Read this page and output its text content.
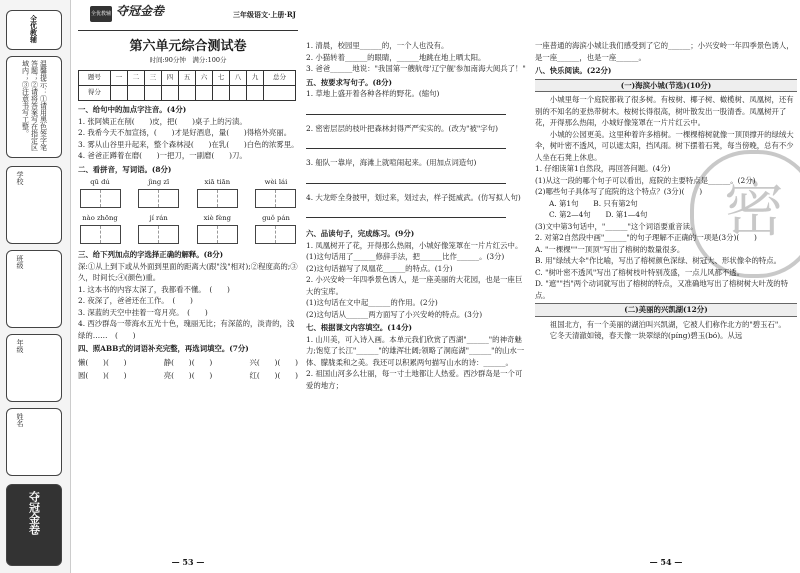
全优教辅
温馨提示：①请用黑色签字笔答题；②请将答案写在指定区域内；③注意书写工整。
学校
班级
年级
姓名
夺冠金卷
密
全优教辅 夺冠金卷	三年级语文·上册·RJ
第六单元综合测试卷
时间:90分钟　满分:100分
题号	一	二	三	四	五	六	七	八	九	总分
得分										
一、给句中的加点字注音。(4分)
1. 张阿姨正在削(　　)皮，把(　　)桌子上的污渍。
2. 我希今天不加宣扬，(　　)才是好酒息，量(　　)得格外亮丽。
3. 雾从山谷里升起来，整个森林浸(　　)在乳(　　)白色的浓雾里。
4. 爸爸正蹲着在磨(　　)一把刀，一副磨(　　)刀。
二、看拼音，写词语。(8分)
qū dú	jìng zī	xiā tiān	wèi lái
nào zhōng	jí rán	xiè fèng	guǒ pán
三、给下列加点的字选择正确的解释。(8分)
深:①从上到下或从外面到里面的距离大(跟"浅"相对);②程度高的;③久，时间长;④(颜色)重。
1. 这本书的内容太深了，我都看不懂。　(　　)
2. 夜深了，爸爸还在工作。　(　　)
3. 深蓝的天空中挂着一弯月亮。　(　　)
4. 西沙群岛一带海水五光十色，瑰丽无比；有深蓝的，淡青的，浅绿的……　(　　)
四、照ABB式的词语补充完整，再选词填空。(7分)
懒(　　)(　　)	静(　　)(　　)	兴(　　)(　　)
圆(　　)(　　)	亮(　　)(　　)	红(　　)(　　)
— 53 —
1. 清晨，校园里______的，一个人也没有。
2. 小猫转着______的眼睛，______地跳在地上晒太阳。
3. 爸爸______地说："我国第一艘航母'辽宁舰'参加南海大阅兵了！"
五、按要求写句子。(8分)
1. 草地上盛开着各种各样的野花。(缩句)
2. 密密层层的枝叶把森林封得严严实实的。(改为"被"字句)
3. 船队一靠岸，海滩上就喧闹起来。(用加点词造句)
4. 大龙虾全身披甲，划过来，划过去，样子挺威武。(仿写拟人句)
六、品读句子，完成练习。(9分)
1. 凤凰树开了花，开得那么热闹，小城好像笼罩在一片片红云中。
(1)这句话用了______修辞手法，把______比作______。(3分)
(2)这句话描写了凤凰花______的特点。(1分)
2. 小兴安岭一年四季景色诱人，是一座美丽的大花园，也是一座巨大的宝库。
(1)这句话在文中起______的作用。(2分)
(2)这句话从______两方面写了小兴安岭的特点。(3分)
七、根据课文内容填空。(14分)
1. 山川美，可入诗入画。本单元我们欣赏了西湖"______"的神奇魅力;饱览了长江"______"的雄浑壮阔;领略了洞庭湖"______"的山水一体、朦胧柔和之美。我还可以积累两句描写山水的诗：______。
2. 祖国山河多么壮丽，每一寸土地都让人热爱。西沙群岛是一个可爱的地方；
一座普通的海滨小城让我们感受到了它的______；小兴安岭一年四季景色诱人，是一座______，也是一座______。
八、快乐阅读。(22分)
(一)海滨小城(节选)(10分)
小城里每一个庭院都栽了很多树。有桉树、椰子树、橄榄树、凤凰树，还有别的不知名的亚热带树木。桉树长得很高，树叶散发出一股清香。凤凰树开了花，开得那么热闹，小城好像笼罩在一片片红云中。
小城的公园更美。这里种着许多榕树。一棵棵榕树就像一顶顶撑开的绿绒大伞，树叶密不透风，可以遮太阳，挡风雨。树下摆着石凳，每当傍晚，总有不少人坐在石凳上休息。
1. 仔细读第1自然段，再回答问题。(4分)
(1)从这一段的哪个句子可以看出，庭院的主要特点是______。(2分)
(2)哪些句子具体写了庭院的这个特点？(3分)(　　)
A. 第1句　　B. 只有第2句
C. 第2—4句　　D. 第1—4句
(3)文中第3句话中，"______"这个词语要重音读。
2. 对第2自然段中画"______"的句子理解不正确的一项是(3分)(　　)
A. "一棵棵""一顶顶"写出了榕树的数量很多。
B. 用"绿绒大伞"作比喻，写出了榕树颜色深绿、树冠大、形状像伞的特点。
C. "树叶密不透风"写出了榕树枝叶特别茂盛，一点儿风都不透。
D. "遮""挡"两个动词就写出了榕树的特点，又准确地写出了榕树树大叶茂的特点。
(二)美丽的兴凯湖(12分)
祖国北方，有一个美丽的湖泊叫兴凯湖，它被人们称作北方的"碧玉石"。
它冬天清澈如镜，春天像一块翠绿的(píng)碧玉(bó)。从远
— 54 —
